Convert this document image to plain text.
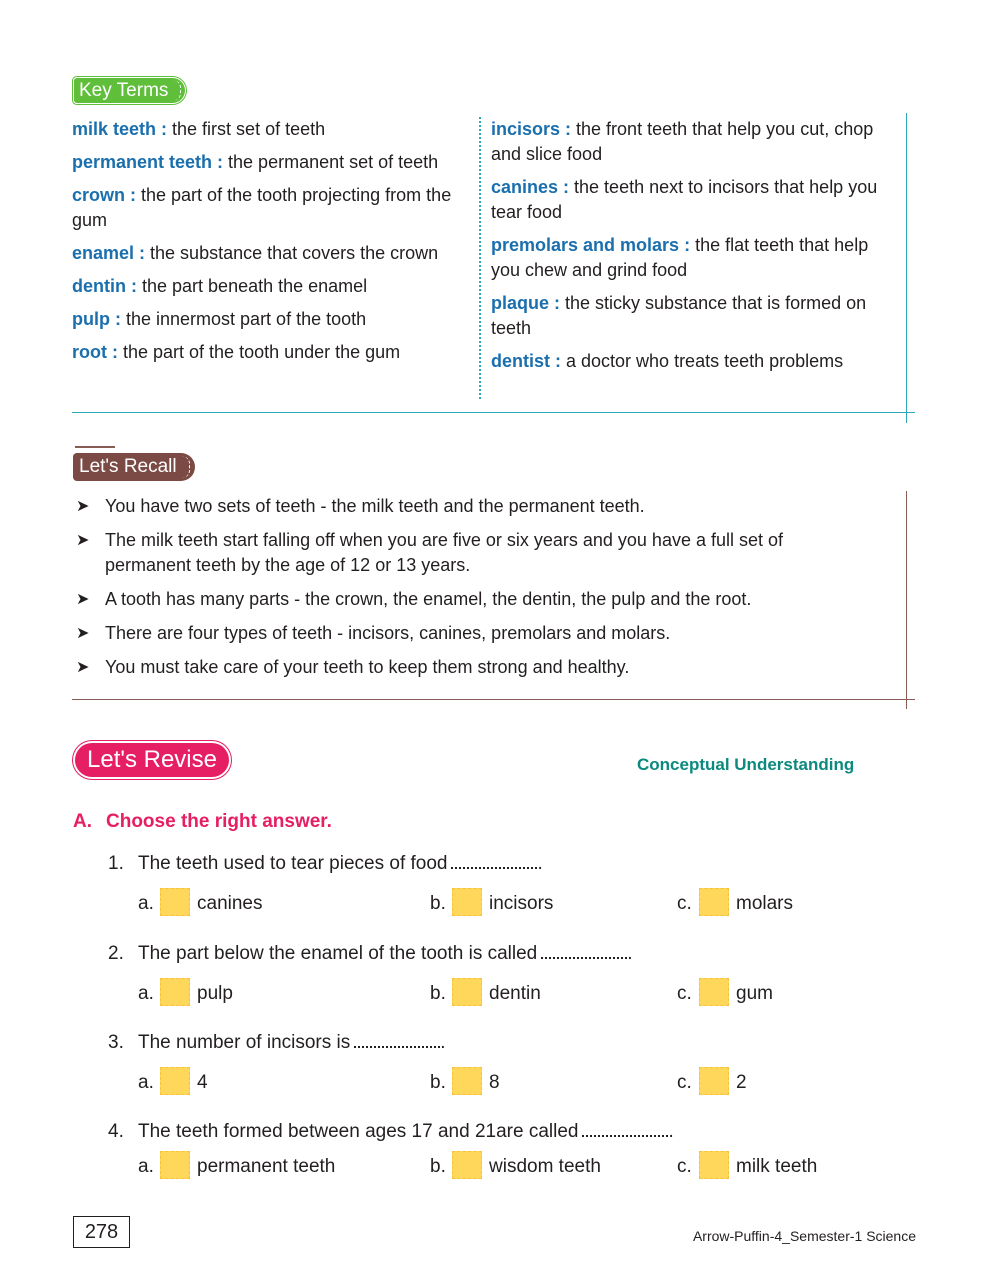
Key Terms
milk teeth : the first set of teeth
permanent teeth : the permanent set of teeth
crown : the part of the tooth projecting from the gum
enamel : the substance that covers the crown
dentin : the part beneath the enamel
pulp : the innermost part of the tooth
root : the part of the tooth under the gum
incisors : the front teeth that help you cut, chop and slice food
canines : the teeth next to incisors that help you tear food
premolars and molars : the flat teeth that help you chew and grind food
plaque : the sticky substance that is formed on teeth
dentist : a doctor who treats teeth problems
Let's Recall
➤ You have two sets of teeth - the milk teeth and the permanent teeth.
➤ The milk teeth start falling off when you are five or six years and you have a full set of permanent teeth by the age of 12 or 13 years.
➤ A tooth has many parts - the crown, the enamel, the dentin, the pulp and the root.
➤ There are four types of teeth - incisors, canines, premolars and molars.
➤ You must take care of your teeth to keep them strong and healthy.
Let's Revise	Conceptual Understanding
A. Choose the right answer.
1. The teeth used to tear pieces of food	.
a. canines	b. incisors	c. molars
2. The part below the enamel of the tooth is called	.
a. pulp	b. dentin	c. gum
3. The number of incisors is	.
a. 4	b. 8	c. 2
4. The teeth formed between ages 17 and 21are called	.
a. permanent teeth	b. wisdom teeth	c. milk teeth
278	Arrow-Puffin-4_Semester-1 Science
